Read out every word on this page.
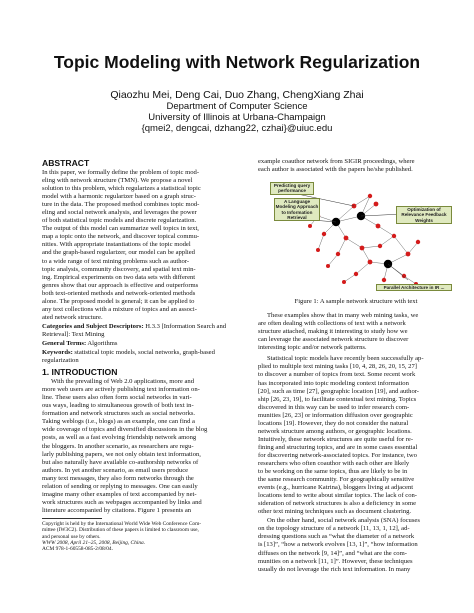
Topic Modeling with Network Regularization
Qiaozhu Mei, Deng Cai, Duo Zhang, ChengXiang Zhai
Department of Computer Science
University of Illinois at Urbana-Champaign
{qmei2, dengcai, dzhang22, czhai}@uiuc.edu
ABSTRACT
In this paper, we formally define the problem of topic mod-
eling with network structure (TMN). We propose a novel
solution to this problem, which regularizes a statistical topic
model with a harmonic regularizer based on a graph struc-
ture in the data. The proposed method combines topic mod-
eling and social network analysis, and leverages the power
of both statistical topic models and discrete regularization.
The output of this model can summarize well topics in text,
map a topic onto the network, and discover topical commu-
nities. With appropriate instantiations of the topic model
and the graph-based regularizer, our model can be applied
to a wide range of text mining problems such as author-
topic analysis, community discovery, and spatial text min-
ing. Empirical experiments on two data sets with different
genres show that our approach is effective and outperforms
both text-oriented methods and network-oriented methods
alone. The proposed model is general; it can be applied to
any text collections with a mixture of topics and an associ-
ated network structure.
Categories and Subject Descriptors: H.3.3 [Information Search and Retrieval]: Text Mining
General Terms: Algorithms
Keywords: statistical topic models, social networks, graph-based regularization
1. INTRODUCTION
With the prevailing of Web 2.0 applications, more and
more web users are actively publishing text information on-
line. These users also often form social networks in vari-
ous ways, leading to simultaneous growth of both text in-
formation and network structures such as social networks.
Taking weblogs (i.e., blogs) as an example, one can find a
wide coverage of topics and diversified discussions in the blog
posts, as well as a fast evolving friendship network among
the bloggers. In another scenario, as researchers are regu-
larly publishing papers, we not only obtain text information,
but also naturally have available co-authorship networks of
authors. In yet another scenario, as email users produce
many text messages, they also form networks through the
relation of sending or replying to messages. One can easily
imagine many other examples of text accompanied by net-
work structures such as webpages accompanied by links and
literature accompanied by citations. Figure 1 presents an
Copyright is held by the International World Wide Web Conference Com-
mittee (IW3C2). Distribution of these papers is limited to classroom use,
and personal use by others.
WWW 2008, April 21–25, 2008, Beijing, China.
ACM 978-1-60558-085-2/08/04.
example coauthor network from SIGIR proceedings, where
each author is associated with the papers he/she published.
Predicting query performance
A Language Modeling Approach to Information Retrieval
Optimization of Relevance Feedback Weights
Parallel Architecture in IR ...
Figure 1: A sample network structure with text
These examples show that in many web mining tasks, we
are often dealing with collections of text with a network
structure attached, making it interesting to study how we
can leverage the associated network structure to discover
interesting topic and/or network patterns.
Statistical topic models have recently been successfully ap-
plied to multiple text mining tasks [10, 4, 28, 26, 20, 15, 27]
to discover a number of topics from text. Some recent work
has incorporated into topic modeling context information
[20], such as time [27], geographic location [19], and author-
ship [26, 23, 19], to facilitate contextual text mining. Topics
discovered in this way can be used to infer research com-
munities [26, 23] or information diffusion over geographic
locations [19]. However, they do not consider the natural
network structure among authors, or geographic locations.
Intuitively, these network structures are quite useful for re-
fining and structuring topics, and are in some cases essential
for discovering network-associated topics. For instance, two
researchers who often coauthor with each other are likely
to be working on the same topics, thus are likely to be in
the same research community. For geographically sensitive
events (e.g., hurricane Katrina), bloggers living at adjacent
locations tend to write about similar topics. The lack of con-
sideration of network structures is also a deficiency in some
other text mining techniques such as document clustering.
On the other hand, social network analysis (SNA) focuses
on the topology structure of a network [11, 13, 1, 12], ad-
dressing questions such as “what the diameter of a network
is [13]”, “how a network evolves [13, 1]”, “how information
diffuses on the network [9, 14]”, and “what are the com-
munities on a network [11, 1]”. However, these techniques
usually do not leverage the rich text information. In many
